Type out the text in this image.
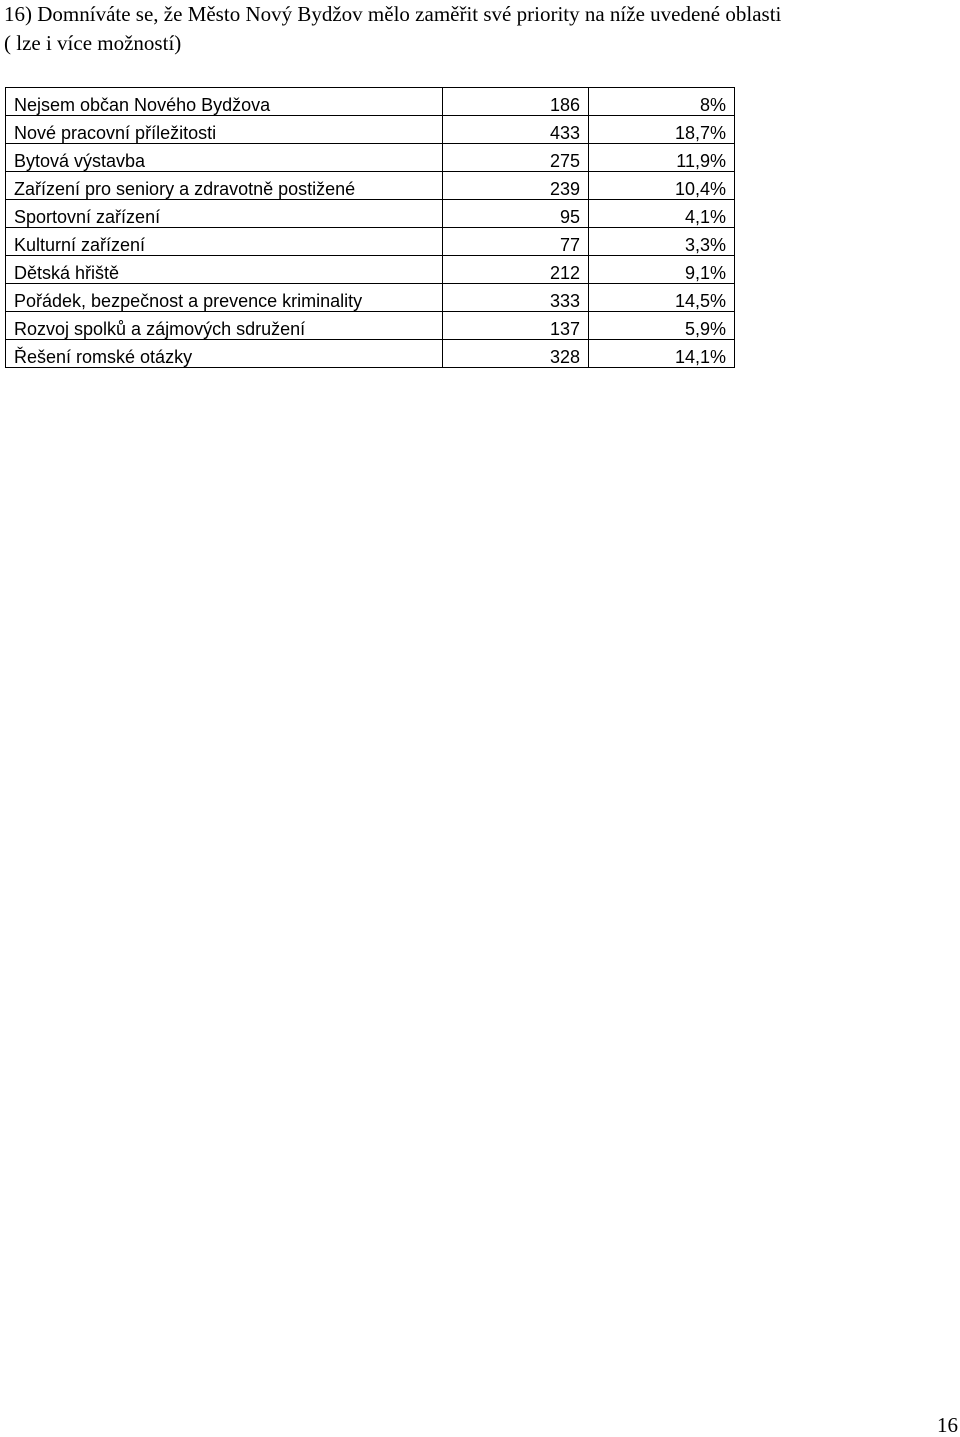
16) Domníváte se, že Město Nový Bydžov mělo zaměřit své priority na níže uvedené oblasti
( lze i více možností)
Nejsem občan Nového Bydžova	186	8%
Nové pracovní příležitosti	433	18,7%
Bytová výstavba	275	11,9%
Zařízení pro seniory a zdravotně postižené	239	10,4%
Sportovní zařízení	95	4,1%
Kulturní zařízení	77	3,3%
Dětská hřiště	212	9,1%
Pořádek, bezpečnost a prevence kriminality	333	14,5%
Rozvoj spolků a zájmových sdružení	137	5,9%
Řešení romské otázky	328	14,1%
16
